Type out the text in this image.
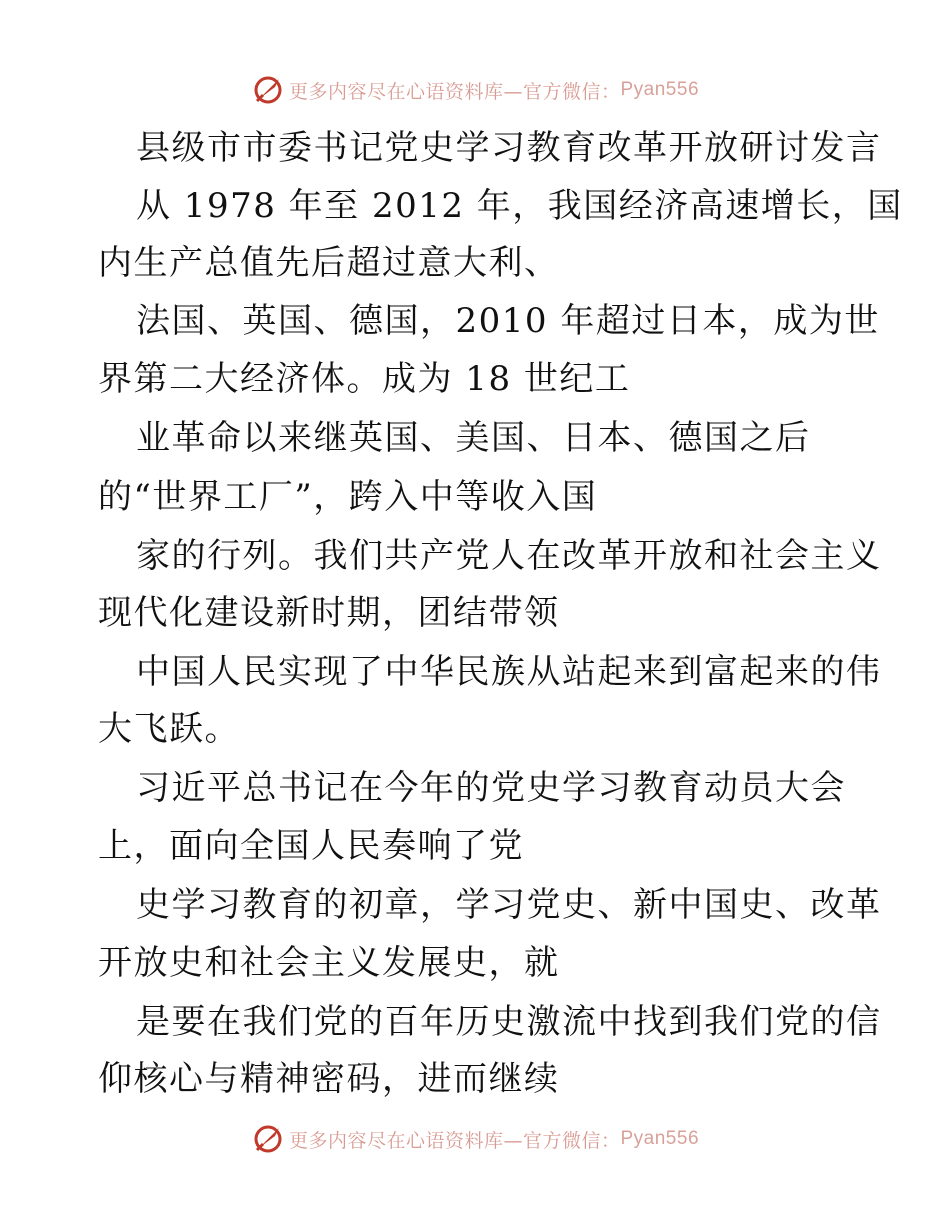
更多内容尽在心语资料库—官方微信： Pyan556
县级市市委书记党史学习教育改革开放研讨发言
从 1978 年至 2012 年，我国经济高速增长，国
内生产总值先后超过意大利、
法国、英国、德国，2010 年超过日本，成为世
界第二大经济体。成为 18 世纪工
业革命以来继英国、美国、日本、德国之后
的“世界工厂”，跨入中等收入国
家的行列。我们共产党人在改革开放和社会主义
现代化建设新时期，团结带领
中国人民实现了中华民族从站起来到富起来的伟
大飞跃。
习近平总书记在今年的党史学习教育动员大会
上，面向全国人民奏响了党
史学习教育的初章，学习党史、新中国史、改革
开放史和社会主义发展史，就
是要在我们党的百年历史激流中找到我们党的信
仰核心与精神密码，进而继续
更多内容尽在心语资料库—官方微信： Pyan556
